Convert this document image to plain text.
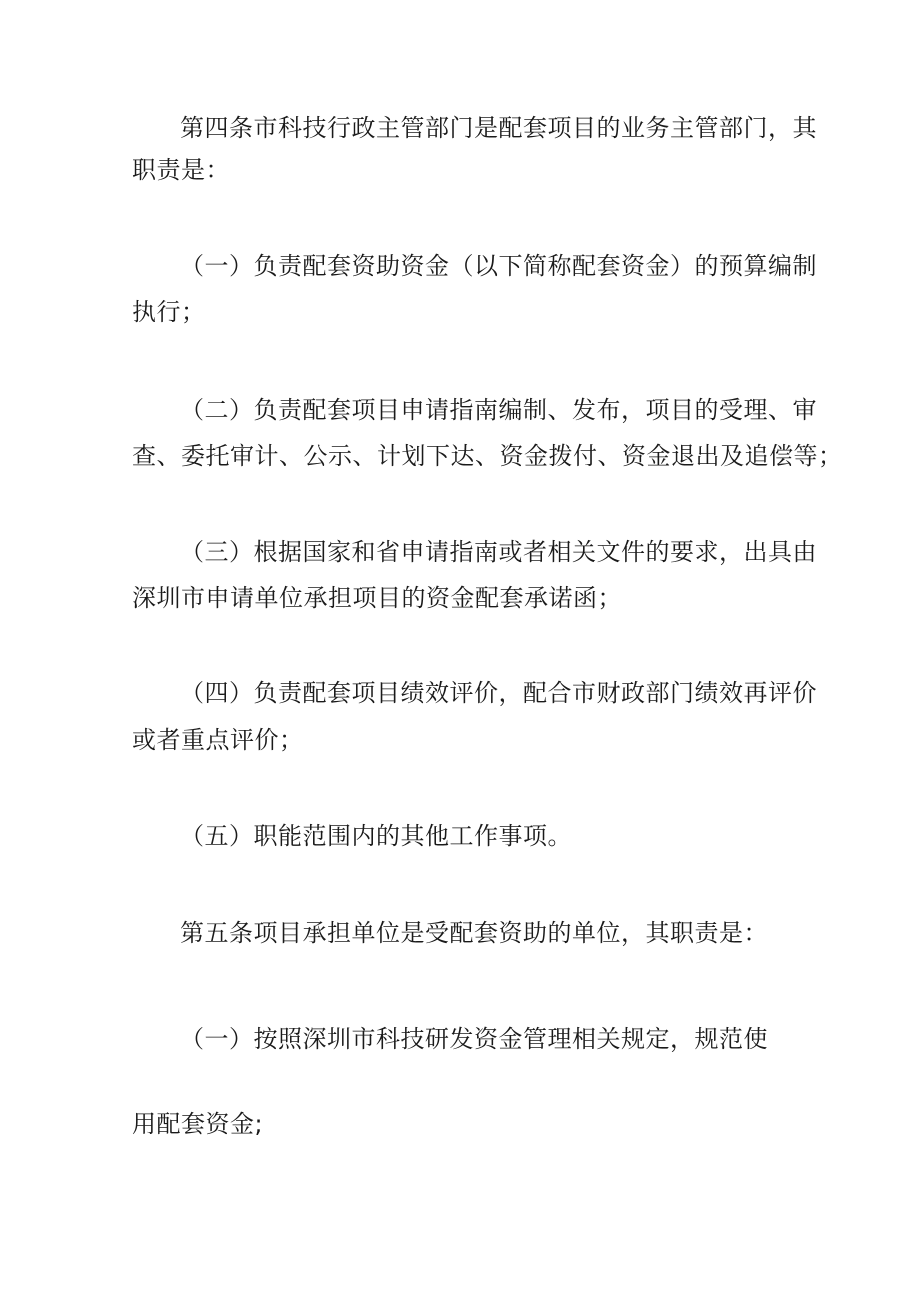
第四条市科技行政主管部门是配套项目的业务主管部门，其
职责是：
（一）负责配套资助资金（以下简称配套资金）的预算编制
执行；
（二）负责配套项目申请指南编制、发布，项目的受理、审
查、委托审计、公示、计划下达、资金拨付、资金退出及追偿等；
（三）根据国家和省申请指南或者相关文件的要求，出具由
深圳市申请单位承担项目的资金配套承诺函；
（四）负责配套项目绩效评价，配合市财政部门绩效再评价
或者重点评价；
（五）职能范围内的其他工作事项。
第五条项目承担单位是受配套资助的单位，其职责是：
（一）按照深圳市科技研发资金管理相关规定，规范使
用配套资金;
